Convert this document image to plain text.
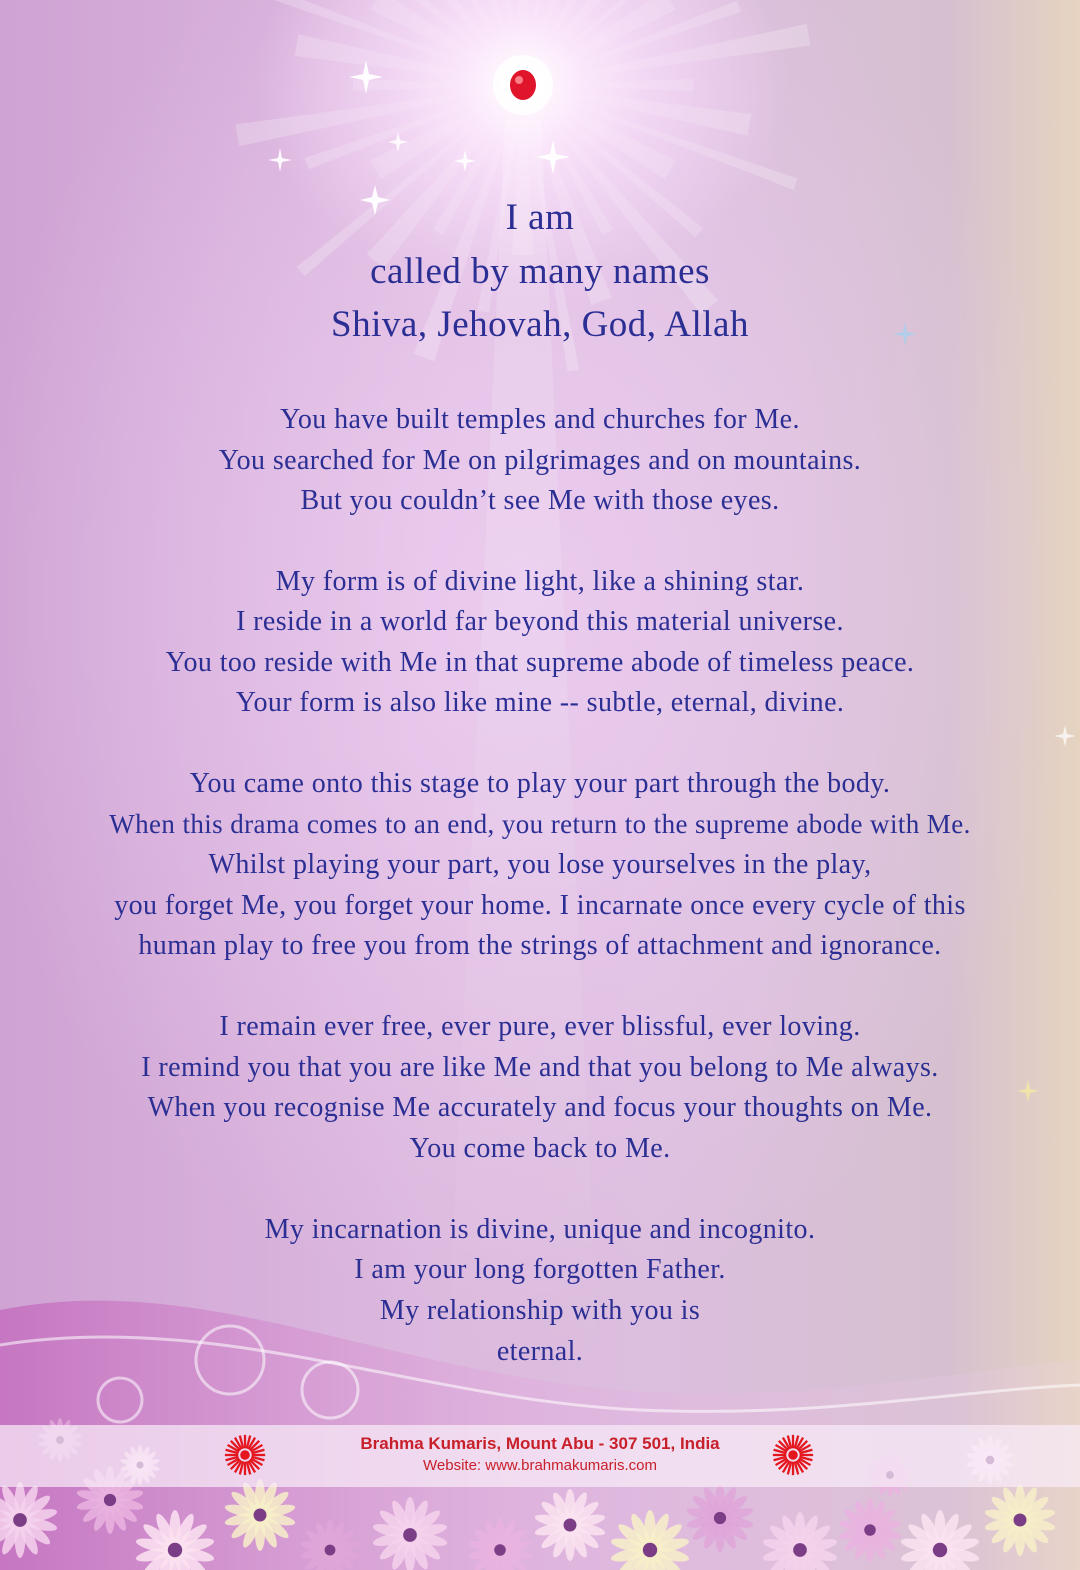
I am
called by many names
Shiva, Jehovah, God, Allah
You have built temples and churches for Me.
You searched for Me on pilgrimages and on mountains.
But you couldn’t see Me with those eyes.
My form is of divine light, like a shining star.
I reside in a world far beyond this material universe.
You too reside with Me in that supreme abode of timeless peace.
Your form is also like mine -- subtle, eternal, divine.
You came onto this stage to play your part through the body.
When this drama comes to an end, you return to the supreme abode with Me.
Whilst playing your part, you lose yourselves in the play,
you forget Me, you forget your home. I incarnate once every cycle of this
human play to free you from the strings of attachment and ignorance.
I remain ever free, ever pure, ever blissful, ever loving.
I remind you that you are like Me and that you belong to Me always.
When you recognise Me accurately and focus your thoughts on Me.
You come back to Me.
My incarnation is divine, unique and incognito.
I am your long forgotten Father.
My relationship with you is
eternal.
Brahma Kumaris, Mount Abu - 307 501, India
Website: www.brahmakumaris.com
